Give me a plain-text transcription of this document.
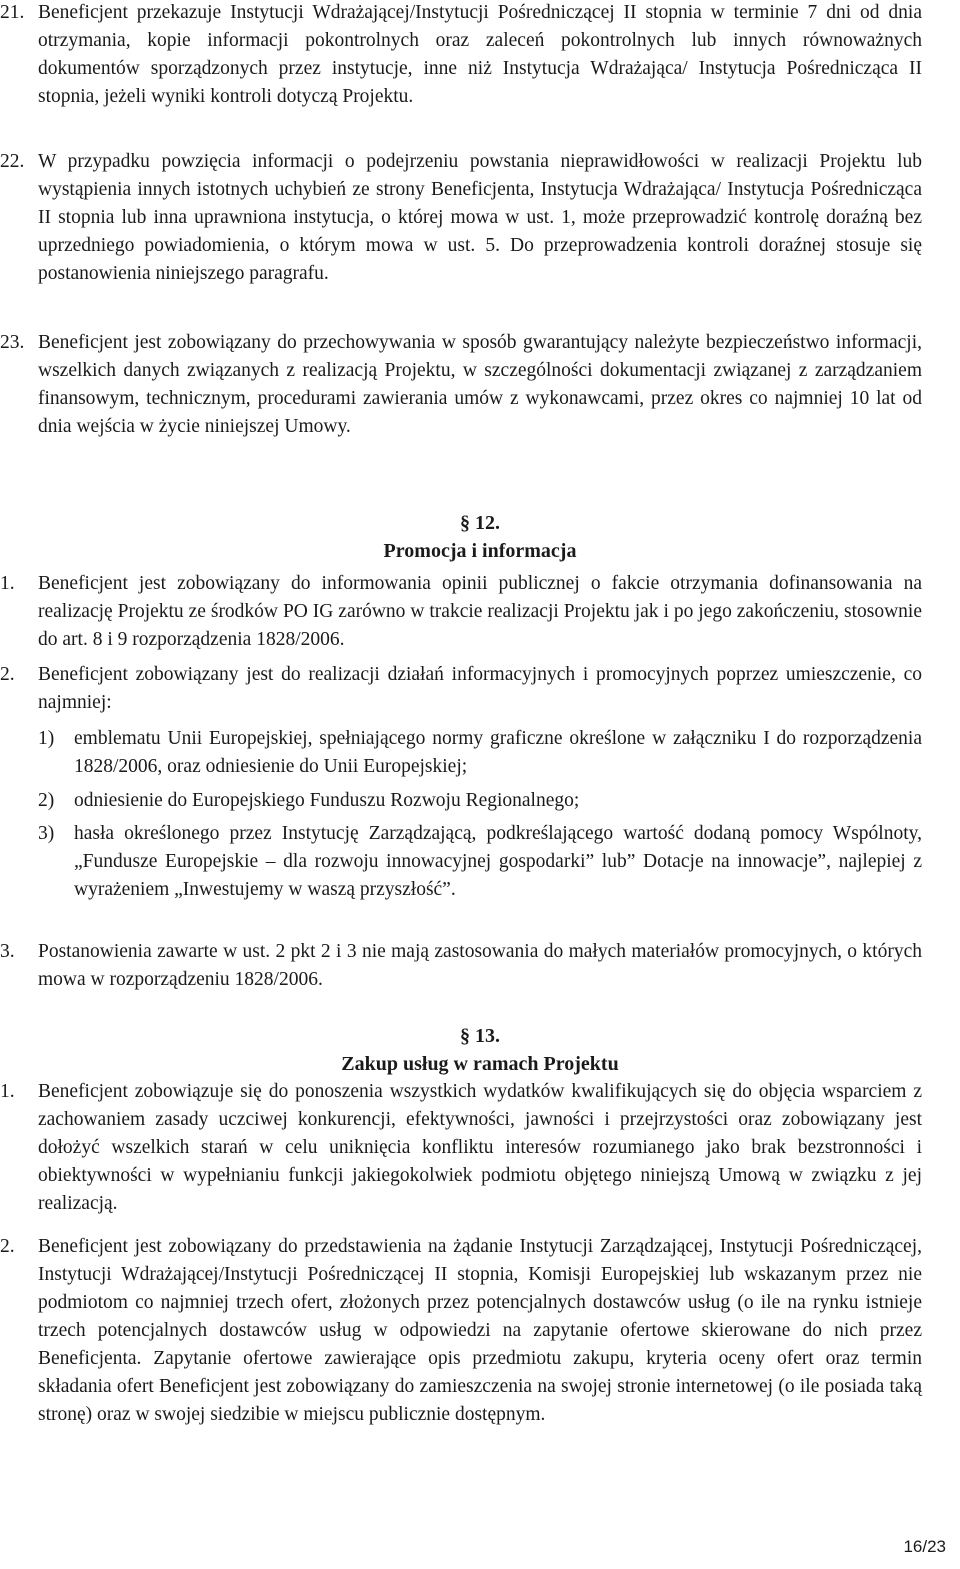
21. Beneficjent przekazuje Instytucji Wdrażającej/Instytucji Pośredniczącej II stopnia w terminie 7 dni od dnia otrzymania, kopie informacji pokontrolnych oraz zaleceń pokontrolnych lub innych równoważnych dokumentów sporządzonych przez instytucje, inne niż Instytucja Wdrażająca/ Instytucja Pośrednicząca II stopnia, jeżeli wyniki kontroli dotyczą Projektu.
22. W przypadku powzięcia informacji o podejrzeniu powstania nieprawidłowości w realizacji Projektu lub wystąpienia innych istotnych uchybień ze strony Beneficjenta, Instytucja Wdrażająca/ Instytucja Pośrednicząca II stopnia lub inna uprawniona instytucja, o której mowa w ust. 1, może przeprowadzić kontrolę doraźną bez uprzedniego powiadomienia, o którym mowa w ust. 5. Do przeprowadzenia kontroli doraźnej stosuje się postanowienia niniejszego paragrafu.
23. Beneficjent jest zobowiązany do przechowywania w sposób gwarantujący należyte bezpieczeństwo informacji, wszelkich danych związanych z realizacją Projektu, w szczególności dokumentacji związanej z zarządzaniem finansowym, technicznym, procedurami zawierania umów z wykonawcami, przez okres co najmniej 10 lat od dnia wejścia w życie niniejszej Umowy.
§ 12.
Promocja i informacja
1. Beneficjent jest zobowiązany do informowania opinii publicznej o fakcie otrzymania dofinansowania na realizację Projektu ze środków PO IG zarówno w trakcie realizacji Projektu jak i po jego zakończeniu, stosownie do art. 8 i 9 rozporządzenia 1828/2006.
2. Beneficjent zobowiązany jest do realizacji działań informacyjnych i promocyjnych poprzez umieszczenie, co najmniej:
1) emblematu Unii Europejskiej, spełniającego normy graficzne określone w załączniku I do rozporządzenia 1828/2006, oraz odniesienie do Unii Europejskiej;
2) odniesienie do Europejskiego Funduszu Rozwoju Regionalnego;
3) hasła określonego przez Instytucję Zarządzającą, podkreślającego wartość dodaną pomocy Wspólnoty, „Fundusze Europejskie – dla rozwoju innowacyjnej gospodarki” lub” Dotacje na innowacje”, najlepiej z wyrażeniem „Inwestujemy w waszą przyszłość”.
3. Postanowienia zawarte w ust. 2 pkt 2 i 3 nie mają zastosowania do małych materiałów promocyjnych, o których mowa w rozporządzeniu 1828/2006.
§ 13.
Zakup usług w ramach Projektu
1. Beneficjent zobowiązuje się do ponoszenia wszystkich wydatków kwalifikujących się do objęcia wsparciem z zachowaniem zasady uczciwej konkurencji, efektywności, jawności i przejrzystości oraz zobowiązany jest dołożyć wszelkich starań w celu uniknięcia konfliktu interesów rozumianego jako brak bezstronności i obiektywności w wypełnianiu funkcji jakiegokolwiek podmiotu objętego niniejszą Umową w związku z jej realizacją.
2. Beneficjent jest zobowiązany do przedstawienia na żądanie Instytucji Zarządzającej, Instytucji Pośredniczącej, Instytucji Wdrażającej/Instytucji Pośredniczącej II stopnia, Komisji Europejskiej lub wskazanym przez nie podmiotom co najmniej trzech ofert, złożonych przez potencjalnych dostawców usług (o ile na rynku istnieje trzech potencjalnych dostawców usług w odpowiedzi na zapytanie ofertowe skierowane do nich przez Beneficjenta. Zapytanie ofertowe zawierające opis przedmiotu zakupu, kryteria oceny ofert oraz termin składania ofert Beneficjent jest zobowiązany do zamieszczenia na swojej stronie internetowej (o ile posiada taką stronę) oraz w swojej siedzibie w miejscu publicznie dostępnym.
16/23
